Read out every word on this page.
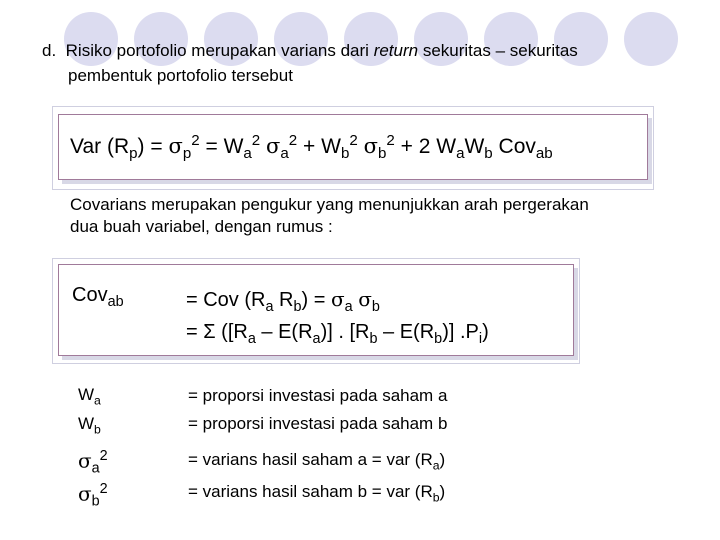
d. Risiko portofolio merupakan varians dari return sekuritas – sekuritas
pembentuk portofolio tersebut
Var $(R_p) = \sigma_p^2 = W_a^2$ $\sigma_a^2 + W_b^2$ $\sigma_b^2 + 2$ $W_aW_b$ Cov$_{ab}$
Covarians merupakan pengukur yang menunjukkan arah pergerakan
dua buah variabel, dengan rumus :
Cov$_{ab}$	= Cov ($R_a$ $R_b) = \sigma_a$ $\sigma_b$
= Σ ($[R_a - E(R_a)]$ . $[R_b - E(R_b)]$ $.P_i$)
$W_a$	= proporsi investasi pada saham a
$W_b$	= proporsi investasi pada saham b
$\sigma_a^2$	= varians hasil saham a = var $(R_a)$
$\sigma_b^2$	= varians hasil saham b = var $(R_b)$
